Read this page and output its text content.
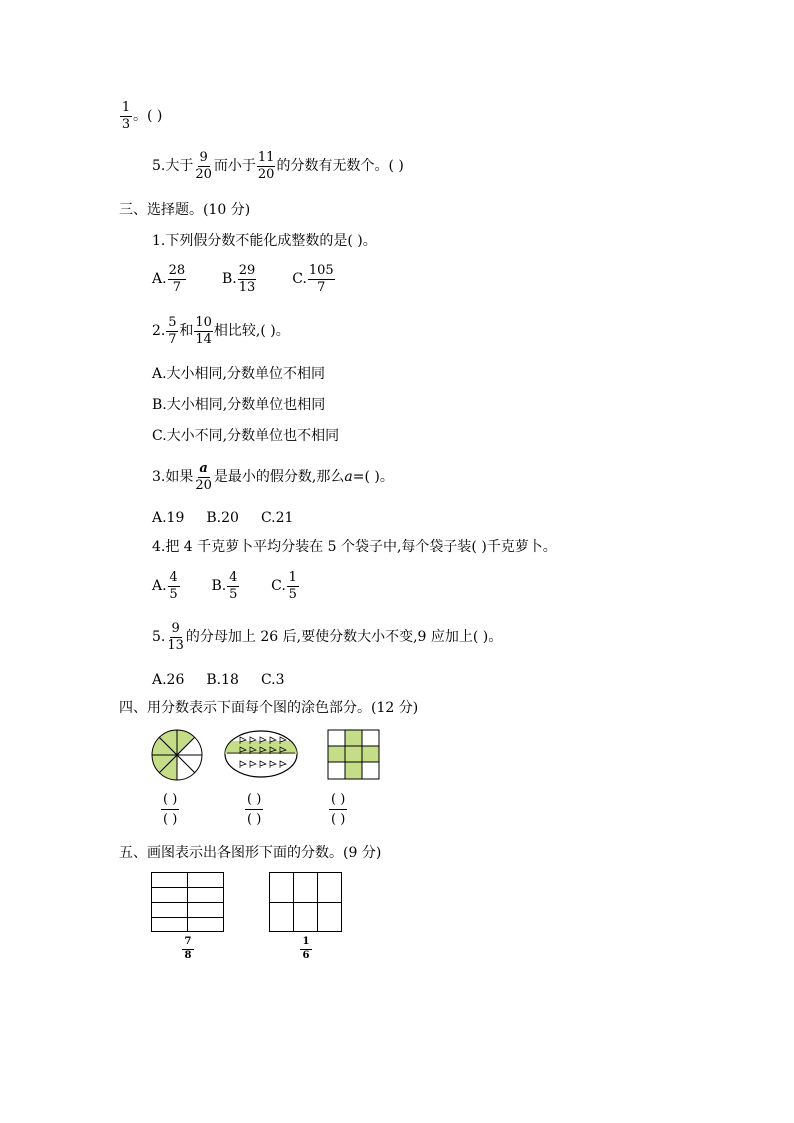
$\frac{1}{3}$ 。( )
5.大于 $\frac{9}{20}$ 而小于 $\frac{11}{20}$ 的分数有无数个。( )
三、选择题。(10 分)
1.下列假分数不能化成整数的是( )。
A. $\frac{28}{7}$	B. $\frac{29}{13}$	C. $\frac{105}{7}$
2. $\frac{5}{7}$ 和 $\frac{10}{14}$ 相比较,( )。
A.大小相同,分数单位不相同
B.大小相同,分数单位也相同
C.大小不同,分数单位也不相同
3.如果 $\frac{a}{20}$ 是最小的假分数,那么a=( )。
A.19 B.20 C.21
4.把 4 千克萝卜平均分装在 5 个袋子中,每个袋子装( )千克萝卜。
A. $\frac{4}{5} B$. $\frac{4}{5} C$. $\frac{1}{5}$
5. $\frac{9}{13}$ 的分母加上 26 后,要使分数大小不变,9 应加上( )。
A.26 B.18 C.3
四、用分数表示下面每个图的涂色部分。(12 分)
( )
( )
( )
( )
( )
( )
五、画图表示出各图形下面的分数。(9 分)
$\frac{7}{8}$	$\frac{1}{6}$
